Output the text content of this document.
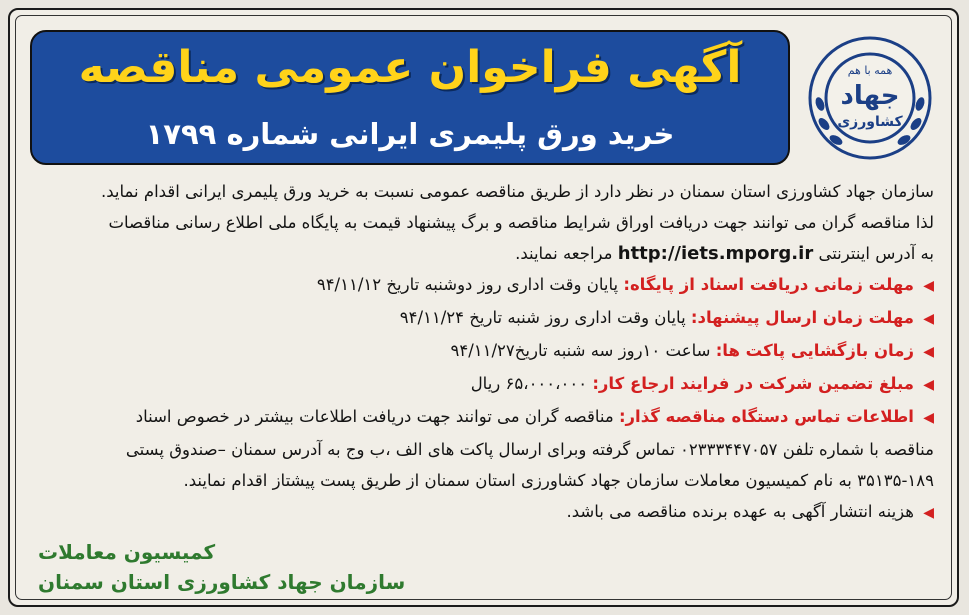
آگهی فراخوان عمومی مناقصه
خرید ورق پلیمری ایرانی شماره ۱۷۹۹
همه با هم
جهاد
کشاورزی

سازمان جهاد کشاورزی استان سمنان در نظر دارد از طریق مناقصه عمومی نسبت به خرید ورق پلیمری ایرانی اقدام نماید.

لذا مناقصه گران می توانند جهت دریافت اوراق شرایط مناقصه و برگ پیشنهاد قیمت به پایگاه ملی اطلاع رسانی مناقصات

به آدرس اینترنتی http://iets.mporg.ir مراجعه نمایند.

◀ مهلت زمانی دریافت اسناد از پایگاه: پایان وقت اداری روز دوشنبه تاریخ ۹۴/۱۱/۱۲

◀ مهلت زمان ارسال پیشنهاد: پایان وقت اداری روز شنبه تاریخ ۹۴/۱۱/۲۴

◀ زمان بازگشایی پاکت ها: ساعت ۱۰روز سه شنبه تاریخ۹۴/۱۱/۲۷

◀ مبلغ تضمین شرکت در فرایند ارجاع کار: ۶۵،۰۰۰،۰۰۰ ریال

◀ اطلاعات تماس دستگاه مناقصه گذار: مناقصه گران می توانند جهت دریافت اطلاعات بیشتر در خصوص اسناد

مناقصه با شماره تلفن ۰۲۳۳۳۴۴۷۰۵۷ تماس گرفته وبرای ارسال پاکت های الف ،ب وج به آدرس سمنان –صندوق پستی

۳۵۱۳۵-۱۸۹ به نام کمیسیون معاملات سازمان جهاد کشاورزی استان سمنان از طریق پست پیشتاز اقدام نمایند.

◀ هزینه انتشار آگهی به عهده برنده مناقصه می باشد.

کمیسیون معاملات
سازمان جهاد کشاورزی استان سمنان
